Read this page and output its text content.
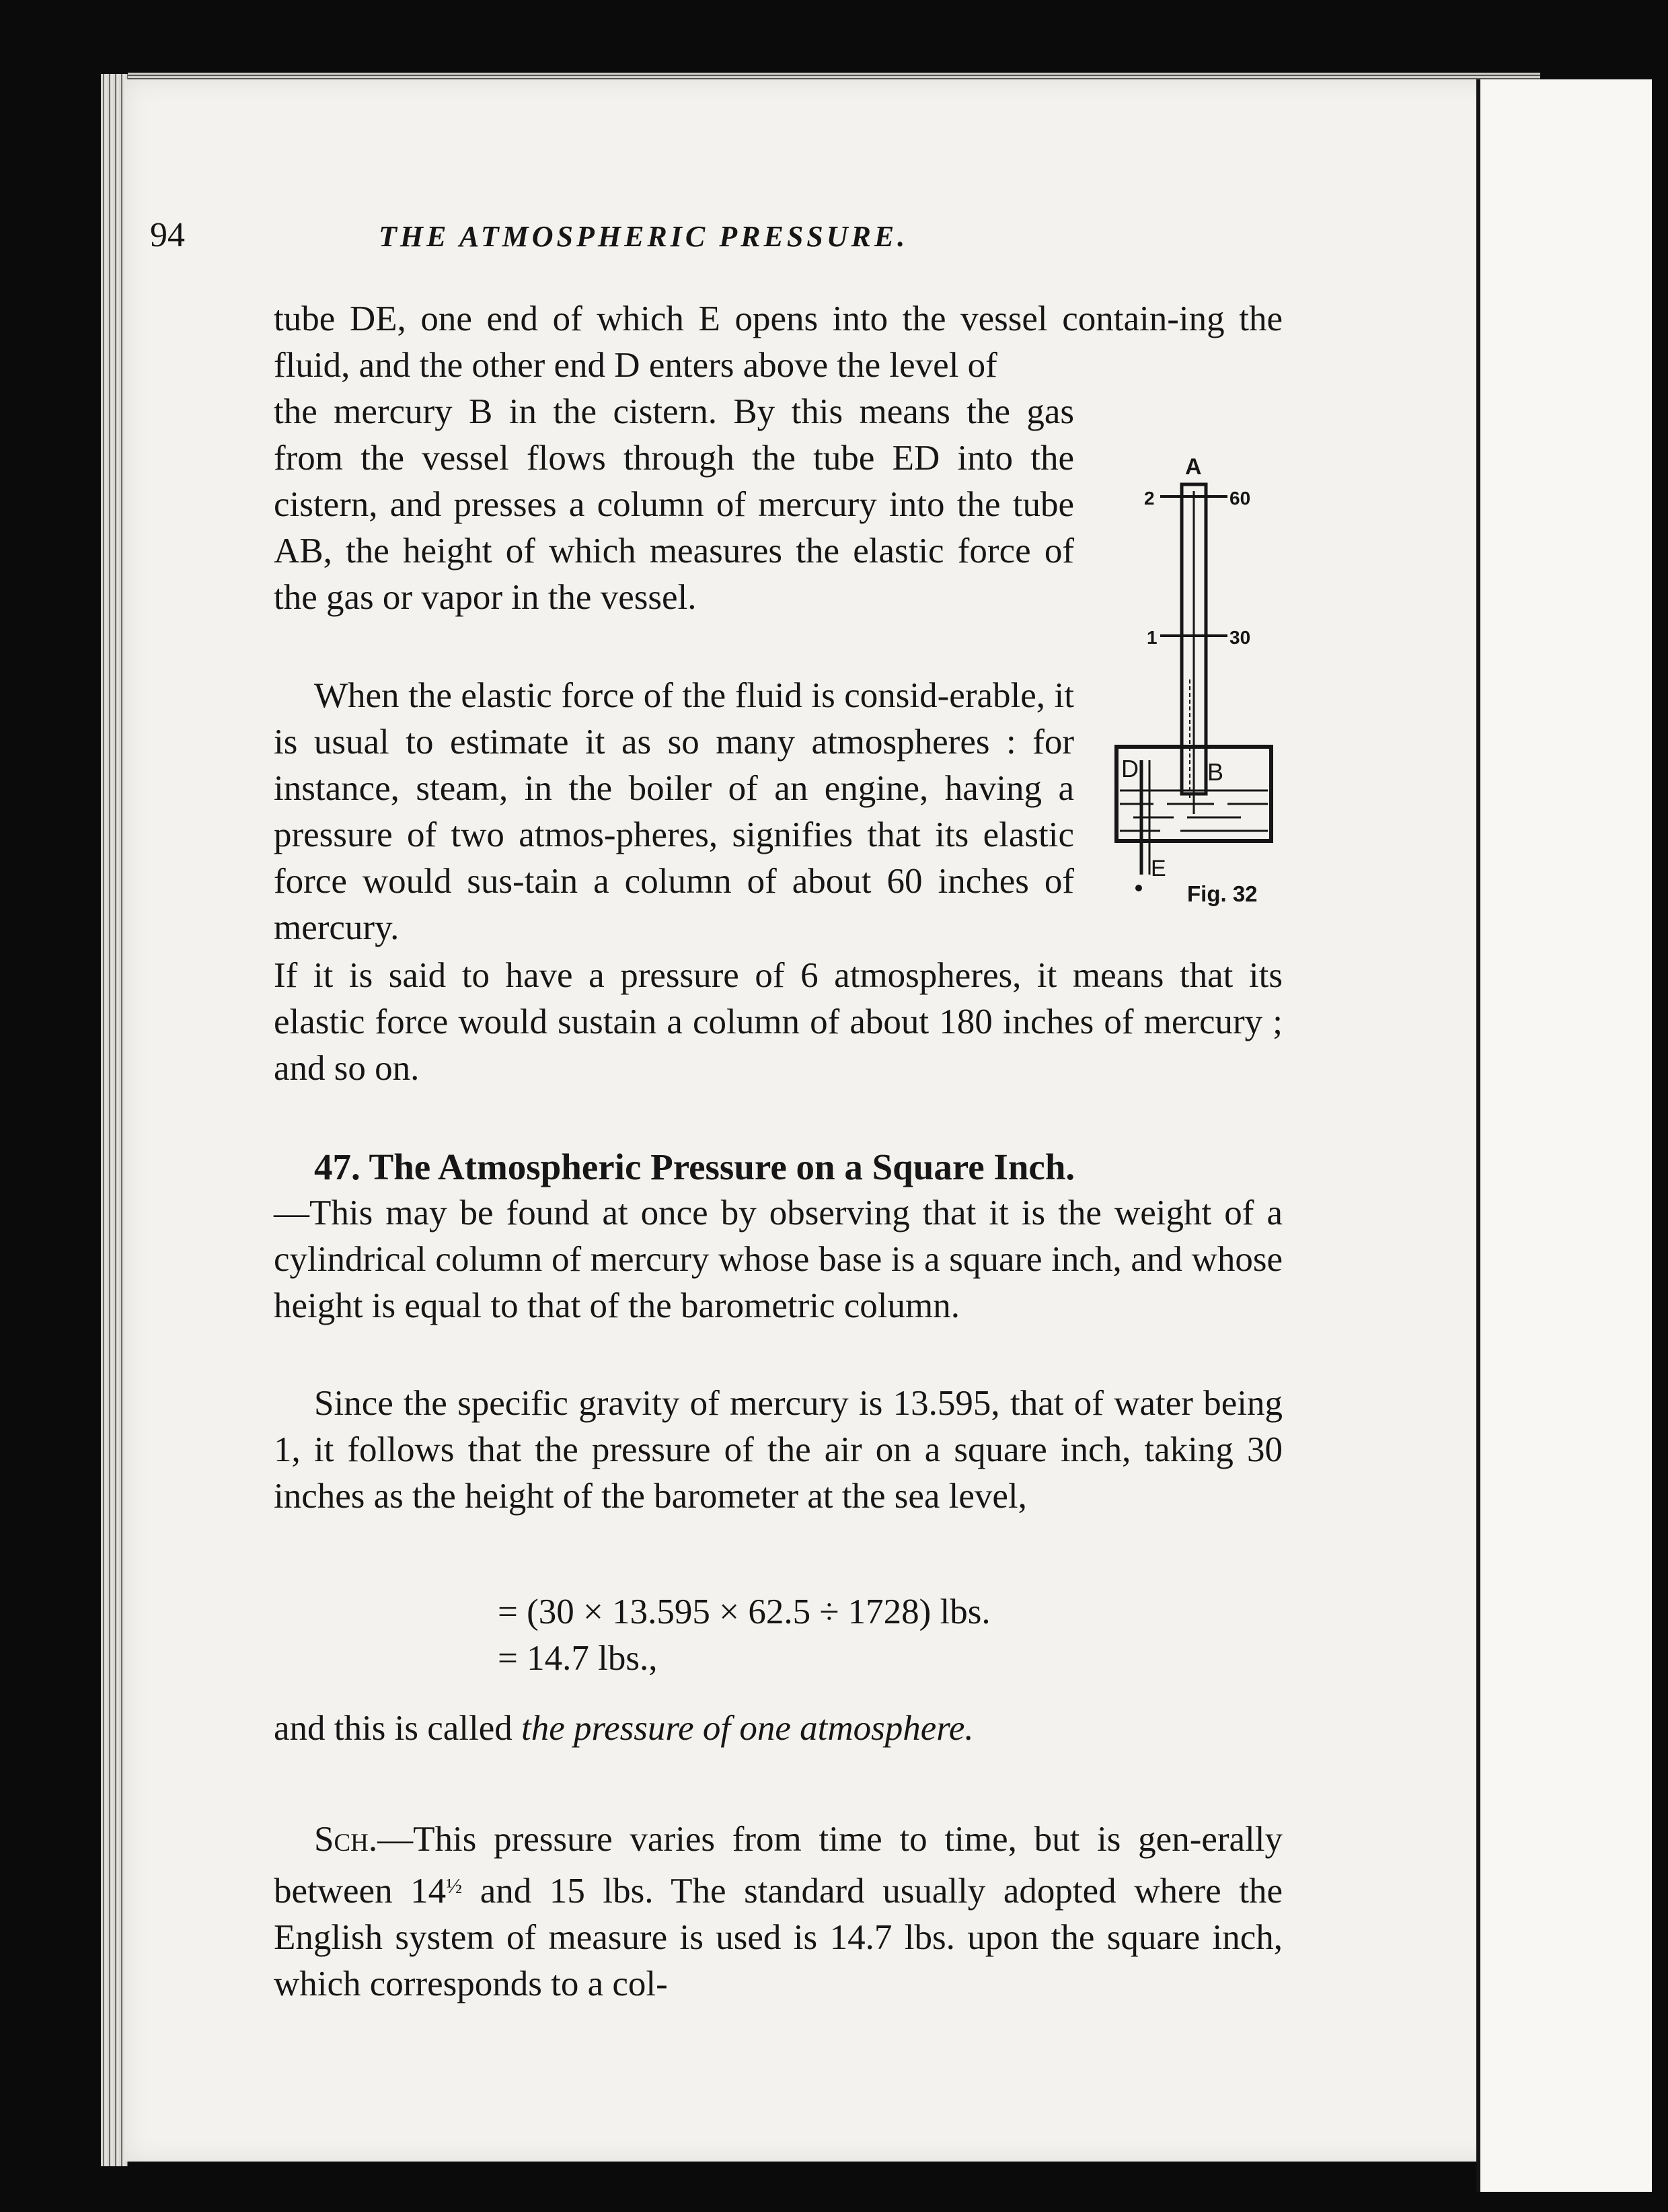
94	THE ATMOSPHERIC PRESSURE.

tube DE, one end of which E opens into the vessel contain-ing the fluid, and the other end D enters above the level of

the mercury B in the cistern. By this means the gas from the vessel flows through the tube ED into the cistern, and presses a column of mercury into the tube AB, the height of which measures the elastic force of the gas or vapor in the vessel.

When the elastic force of the fluid is consid-erable, it is usual to estimate it as so many atmospheres : for instance, steam, in the boiler of an engine, having a pressure of two atmos-pheres, signifies that its elastic force would sus-tain a column of about 60 inches of mercury.

If it is said to have a pressure of 6 atmospheres, it means that its elastic force would sustain a column of about 180 inches of mercury ; and so on.

47. The Atmospheric Pressure on a Square Inch.

—This may be found at once by observing that it is the weight of a cylindrical column of mercury whose base is a square inch, and whose height is equal to that of the barometric column.

Since the specific gravity of mercury is 13.595, that of water being 1, it follows that the pressure of the air on a square inch, taking 30 inches as the height of the barometer at the sea level,

= (30 × 13.595 × 62.5 ÷ 1728) lbs.
= 14.7 lbs.,

and this is called the pressure of one atmosphere.

Sch.—This pressure varies from time to time, but is gen-erally between $14^{\frac{1}{2}}$ and 15 lbs. The standard usually adopted where the English system of measure is used is 14.7 lbs. upon the square inch, which corresponds to a col-

A
2	60
1	30
D	B
E
Fig. 32
